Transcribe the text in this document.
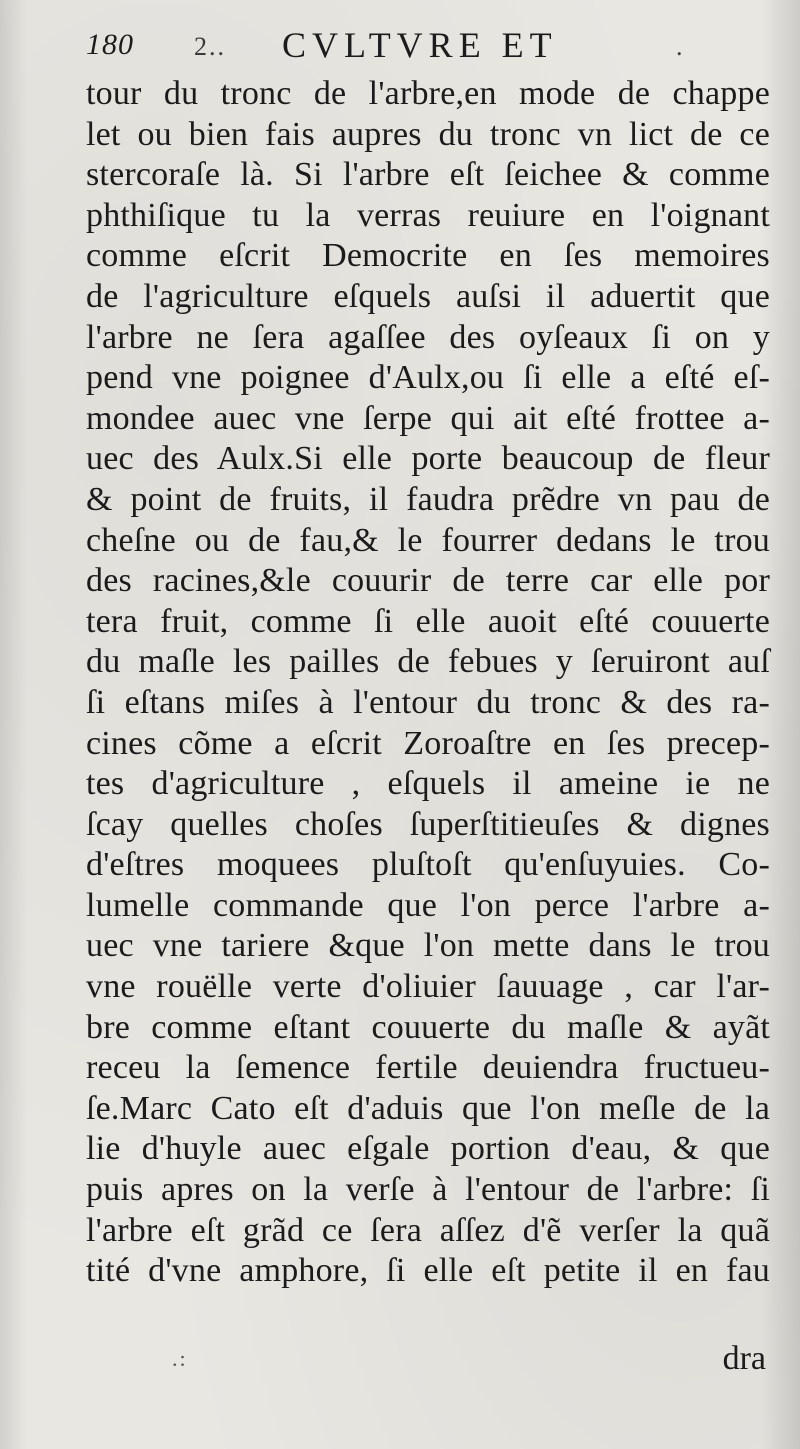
180 2.. CVLTVRE ET	.
tour du tronc de l'arbre,en mode de chappe
let ou bien fais aupres du tronc vn lict de ce
stercoraſe là. Si l'arbre eſt ſeichee & comme
phthiſique tu la verras reuiure en l'oignant
comme eſcrit Democrite en ſes memoires
de l'agriculture eſquels auſsi il aduertit que
l'arbre ne ſera agaſſee des oyſeaux ſi on y
pend vne poignee d'Aulx,ou ſi elle a eſté eſ-
mondee auec vne ſerpe qui ait eſté frottee a-
uec des Aulx.Si elle porte beaucoup de fleur
& point de fruits, il faudra prẽdre vn pau de
cheſne ou de fau,& le fourrer dedans le trou
des racines,&le couurir de terre car elle por
tera fruit, comme ſi elle auoit eſté couuerte
du maſle les pailles de febues y ſeruiront auſ
ſi eſtans miſes à l'entour du tronc & des ra-
cines cõme a eſcrit Zoroaſtre en ſes precep-
tes d'agriculture , eſquels il ameine ie ne
ſcay quelles choſes ſuperſtitieuſes & dignes
d'eſtres moquees pluſtoſt qu'enſuyuies. Co-
lumelle commande que l'on perce l'arbre a-
uec vne tariere &que l'on mette dans le trou
vne rouëlle verte d'oliuier ſauuage , car l'ar-
bre comme eſtant couuerte du maſle & ayãt
receu la ſemence fertile deuiendra fructueu-
ſe.Marc Cato eſt d'aduis que l'on meſle de la
lie d'huyle auec eſgale portion d'eau, & que
puis apres on la verſe à l'entour de l'arbre: ſi
l'arbre eſt grãd ce ſera aſſez d'ẽ verſer la quã
tité d'vne amphore, ſi elle eſt petite il en fau
.:	dra
